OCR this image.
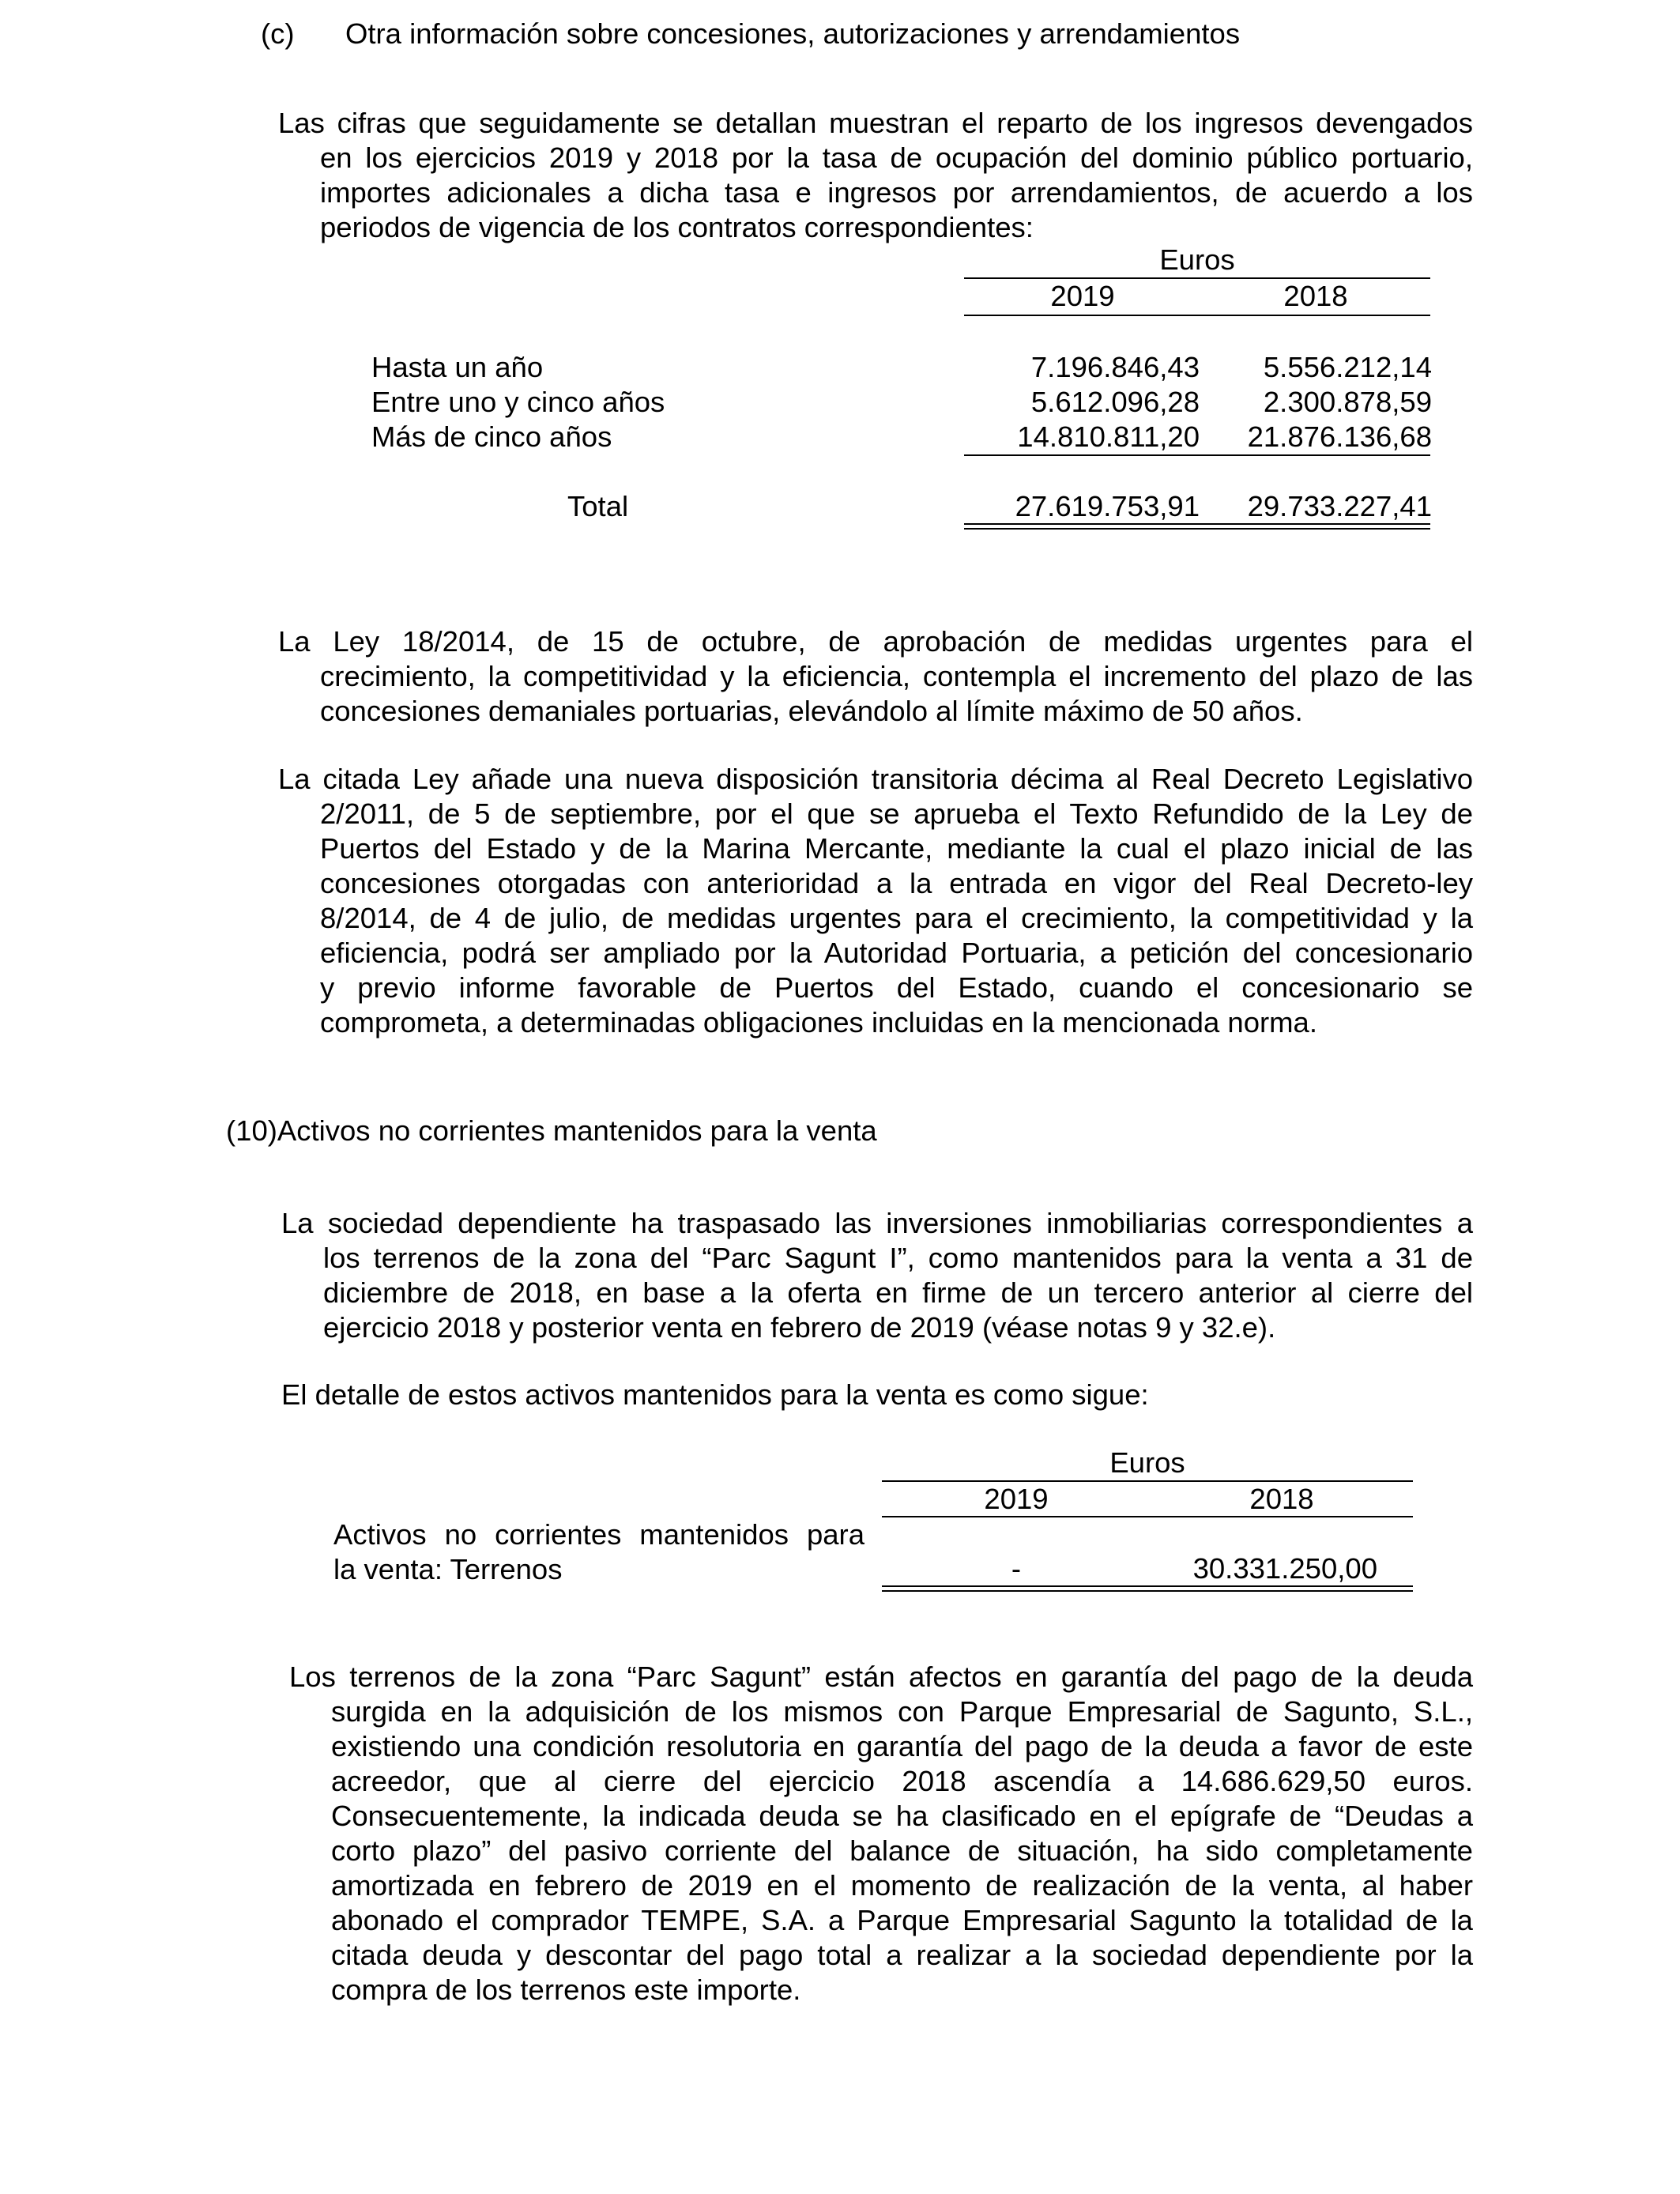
(c) Otra información sobre concesiones, autorizaciones y arrendamientos
Las cifras que seguidamente se detallan muestran el reparto de los ingresos devengados
en los ejercicios 2019 y 2018 por la tasa de ocupación del dominio público portuario,
importes adicionales a dicha tasa e ingresos por arrendamientos, de acuerdo a los
periodos de vigencia de los contratos correspondientes:
Euros
2019	2018
Hasta un año	7.196.846,43 5.556.212,14
Entre uno y cinco años	5.612.096,28 2.300.878,59
Más de cinco años	14.810.811,20 21.876.136,68
Total	27.619.753,91 29.733.227,41
La Ley 18/2014, de 15 de octubre, de aprobación de medidas urgentes para el
crecimiento, la competitividad y la eficiencia, contempla el incremento del plazo de las
concesiones demaniales portuarias, elevándolo al límite máximo de 50 años.
La citada Ley añade una nueva disposición transitoria décima al Real Decreto Legislativo
2/2011, de 5 de septiembre, por el que se aprueba el Texto Refundido de la Ley de
Puertos del Estado y de la Marina Mercante, mediante la cual el plazo inicial de las
concesiones otorgadas con anterioridad a la entrada en vigor del Real Decreto-ley
8/2014, de 4 de julio, de medidas urgentes para el crecimiento, la competitividad y la
eficiencia, podrá ser ampliado por la Autoridad Portuaria, a petición del concesionario
y previo informe favorable de Puertos del Estado, cuando el concesionario se
comprometa, a determinadas obligaciones incluidas en la mencionada norma.
(10)Activos no corrientes mantenidos para la venta
La sociedad dependiente ha traspasado las inversiones inmobiliarias correspondientes a
los terrenos de la zona del “Parc Sagunt I”, como mantenidos para la venta a 31 de
diciembre de 2018, en base a la oferta en firme de un tercero anterior al cierre del
ejercicio 2018 y posterior venta en febrero de 2019 (véase notas 9 y 32.e).
El detalle de estos activos mantenidos para la venta es como sigue:
Euros
2019	2018
Activos no corrientes mantenidos para
la venta: Terrenos	-	30.331.250,00
Los terrenos de la zona “Parc Sagunt” están afectos en garantía del pago de la deuda
surgida en la adquisición de los mismos con Parque Empresarial de Sagunto, S.L.,
existiendo una condición resolutoria en garantía del pago de la deuda a favor de este
acreedor, que al cierre del ejercicio 2018 ascendía a 14.686.629,50 euros.
Consecuentemente, la indicada deuda se ha clasificado en el epígrafe de “Deudas a
corto plazo” del pasivo corriente del balance de situación, ha sido completamente
amortizada en febrero de 2019 en el momento de realización de la venta, al haber
abonado el comprador TEMPE, S.A. a Parque Empresarial Sagunto la totalidad de la
citada deuda y descontar del pago total a realizar a la sociedad dependiente por la
compra de los terrenos este importe.
